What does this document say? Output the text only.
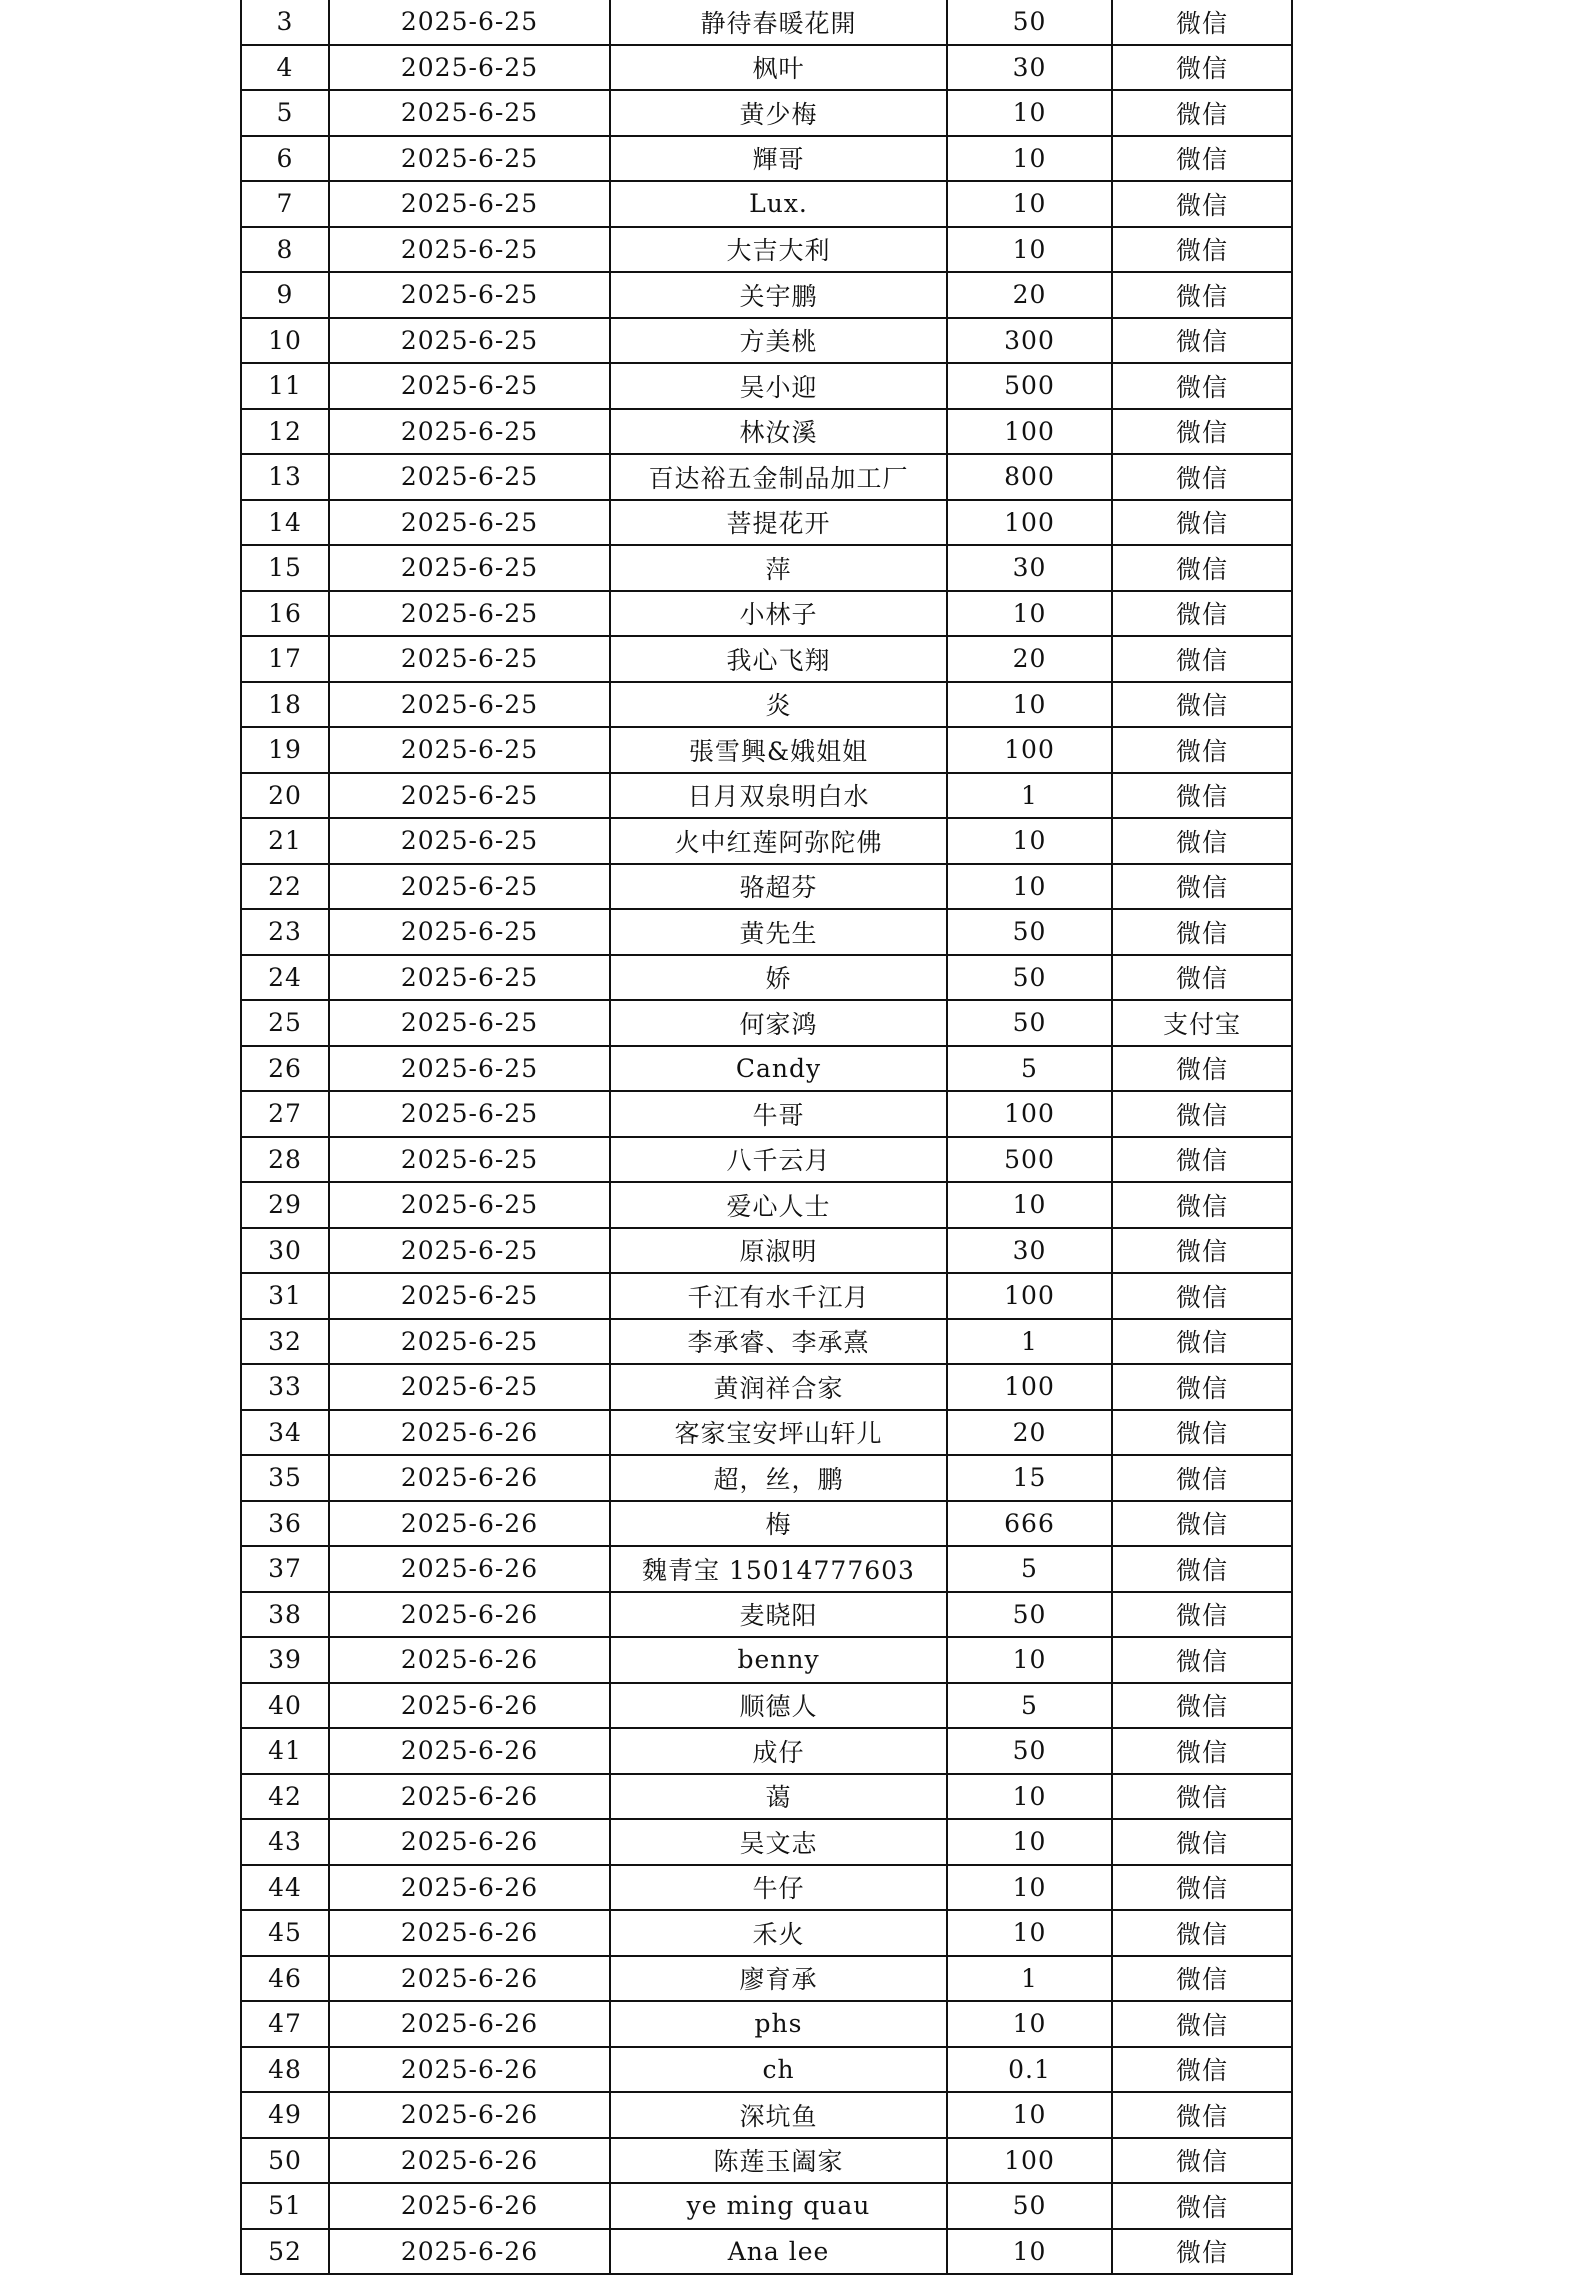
3	2025-6-25	静待春暖花開	50	微信
4	2025-6-25	枫叶	30	微信
5	2025-6-25	黄少梅	10	微信
6	2025-6-25	輝哥	10	微信
7	2025-6-25	Lux.	10	微信
8	2025-6-25	大吉大利	10	微信
9	2025-6-25	关宇鹏	20	微信
10	2025-6-25	方美桃	300	微信
11	2025-6-25	吴小迎	500	微信
12	2025-6-25	林汝溪	100	微信
13	2025-6-25	百达裕五金制品加工厂	800	微信
14	2025-6-25	菩提花开	100	微信
15	2025-6-25	萍	30	微信
16	2025-6-25	小林子	10	微信
17	2025-6-25	我心飞翔	20	微信
18	2025-6-25	炎	10	微信
19	2025-6-25	張雪興&娥姐姐	100	微信
20	2025-6-25	日月双泉明白水	1	微信
21	2025-6-25	火中红莲阿弥陀佛	10	微信
22	2025-6-25	骆超芬	10	微信
23	2025-6-25	黄先生	50	微信
24	2025-6-25	娇	50	微信
25	2025-6-25	何家鸿	50	支付宝
26	2025-6-25	Candy	5	微信
27	2025-6-25	牛哥	100	微信
28	2025-6-25	八千云月	500	微信
29	2025-6-25	爱心人士	10	微信
30	2025-6-25	原淑明	30	微信
31	2025-6-25	千江有水千江月	100	微信
32	2025-6-25	李承睿、李承熹	1	微信
33	2025-6-25	黄润祥合家	100	微信
34	2025-6-26	客家宝安坪山轩儿	20	微信
35	2025-6-26	超，丝，鹏	15	微信
36	2025-6-26	梅	666	微信
37	2025-6-26	魏青宝 15014777603	5	微信
38	2025-6-26	麦晓阳	50	微信
39	2025-6-26	benny	10	微信
40	2025-6-26	顺德人	5	微信
41	2025-6-26	成仔	50	微信
42	2025-6-26	蔼	10	微信
43	2025-6-26	吴文志	10	微信
44	2025-6-26	牛仔	10	微信
45	2025-6-26	禾火	10	微信
46	2025-6-26	廖育承	1	微信
47	2025-6-26	phs	10	微信
48	2025-6-26	ch	0.1	微信
49	2025-6-26	深坑鱼	10	微信
50	2025-6-26	陈莲玉阖家	100	微信
51	2025-6-26	ye ming quau	50	微信
52	2025-6-26	Ana lee	10	微信
